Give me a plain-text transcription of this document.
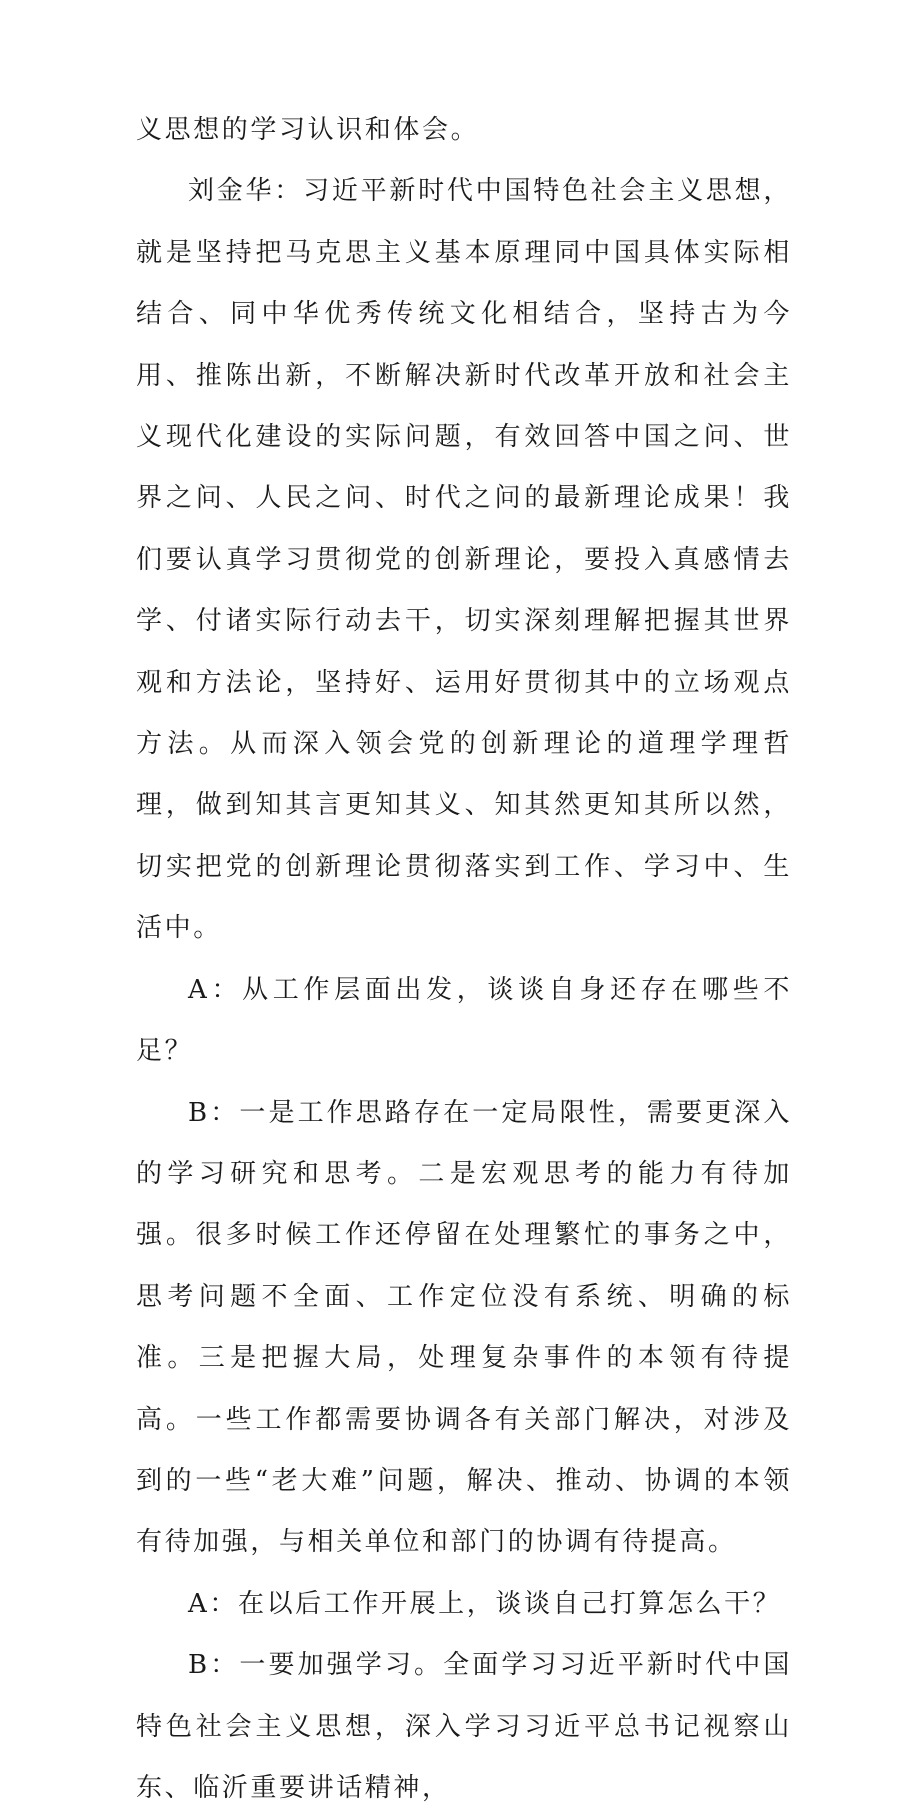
义思想的学习认识和体会。

刘金华：习近平新时代中国特色社会主义思想，就是坚持把马克思主义基本原理同中国具体实际相结合、同中华优秀传统文化相结合，坚持古为今用、推陈出新，不断解决新时代改革开放和社会主义现代化建设的实际问题，有效回答中国之问、世界之问、人民之问、时代之问的最新理论成果！我们要认真学习贯彻党的创新理论，要投入真感情去学、付诸实际行动去干，切实深刻理解把握其世界观和方法论，坚持好、运用好贯彻其中的立场观点方法。从而深入领会党的创新理论的道理学理哲理，做到知其言更知其义、知其然更知其所以然，切实把党的创新理论贯彻落实到工作、学习中、生活中。

A：从工作层面出发，谈谈自身还存在哪些不足？

B：一是工作思路存在一定局限性，需要更深入的学习研究和思考。二是宏观思考的能力有待加强。很多时候工作还停留在处理繁忙的事务之中，思考问题不全面、工作定位没有系统、明确的标准。三是把握大局，处理复杂事件的本领有待提高。一些工作都需要协调各有关部门解决，对涉及到的一些“老大难”问题，解决、推动、协调的本领有待加强，与相关单位和部门的协调有待提高。

A：在以后工作开展上，谈谈自己打算怎么干？

B：一要加强学习。全面学习习近平新时代中国特色社会主义思想，深入学习习近平总书记视察山东、临沂重要讲话精神，
